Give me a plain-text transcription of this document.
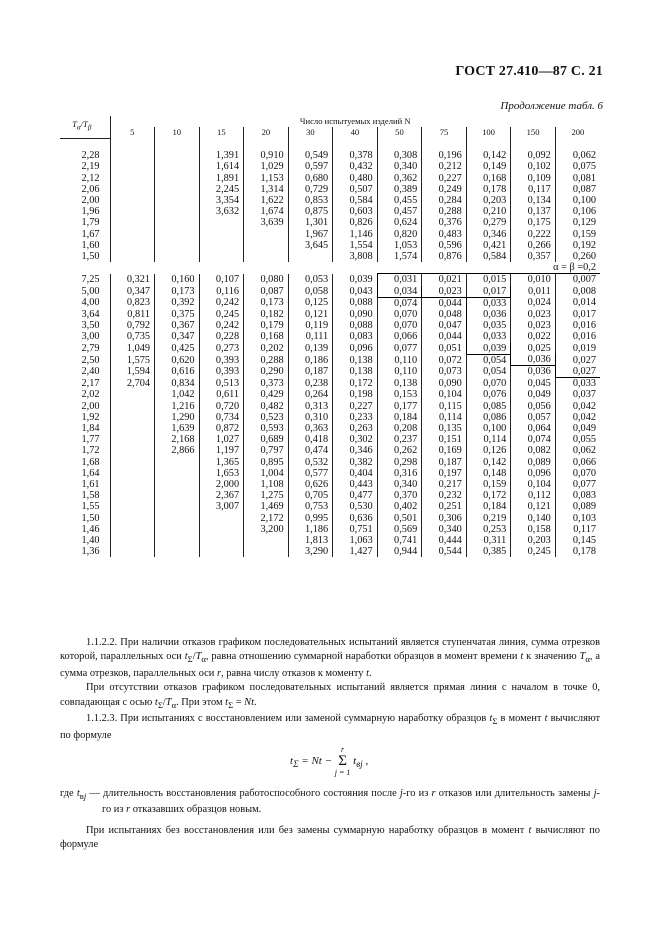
ГОСТ 27.410—87 С. 21
Продолжение табл. 6
$T_\alpha/T_\beta$	Число испытуемых изделий N										
	5	10	15	20	30	40	50	75	100	150	200

2,28			1,391	0,910	0,549	0,378	0,308	0,196	0,142	0,092	0,062
2,19			1,614	1,029	0,597	0,432	0,340	0,212	0,149	0,102	0,075
2,12			1,891	1,153	0,680	0,480	0,362	0,227	0,168	0,109	0,081
2,06			2,245	1,314	0,729	0,507	0,389	0,249	0,178	0,117	0,087
2,00			3,354	1,622	0,853	0,584	0,455	0,284	0,203	0,134	0,100
1,96			3,632	1,674	0,875	0,603	0,457	0,288	0,210	0,137	0,106
1,79				3,639	1,301	0,826	0,624	0,376	0,279	0,175	0,129
1,67					1,967	1,146	0,820	0,483	0,346	0,222	0,159
1,60					3,645	1,554	1,053	0,596	0,421	0,266	0,192
1,50						3,808	1,574	0,876	0,584	0,357	0,260
α = β =0,2											
7,25	0,321	0,160	0,107	0,080	0,053	0,039	0,031	0,021	0,015	0,010	0,007
5,00	0,347	0,173	0,116	0,087	0,058	0,043	0,034	0,023	0,017	0,011	0,008
4,00	0,823	0,392	0,242	0,173	0,125	0,088	0,074	0,044	0,033	0,024	0,014
3,64	0,811	0,375	0,245	0,182	0,121	0,090	0,070	0,048	0,036	0,023	0,017
3,50	0,792	0,367	0,242	0,179	0,119	0,088	0,070	0,047	0,035	0,023	0,016
3,00	0,735	0,347	0,228	0,168	0,111	0,083	0,066	0,044	0,033	0,022	0,016
2,79	1,049	0,425	0,273	0,202	0,139	0,096	0,077	0,051	0,039	0,025	0,019
2,50	1,575	0,620	0,393	0,288	0,186	0,138	0,110	0,072	0,054	0,036	0,027
2,40	1,594	0,616	0,393	0,290	0,187	0,138	0,110	0,073	0,054	0,036	0,027
2,17	2,704	0,834	0,513	0,373	0,238	0,172	0,138	0,090	0,070	0,045	0,033
2,02		1,042	0,611	0,429	0,264	0,198	0,153	0,104	0,076	0,049	0,037
2,00		1,216	0,720	0,482	0,313	0,227	0,177	0,115	0,085	0,056	0,042
1,92		1,290	0,734	0,523	0,310	0,233	0,184	0,114	0,086	0,057	0,042
1,84		1,639	0,872	0,593	0,363	0,263	0,208	0,135	0,100	0,064	0,049
1,77		2,168	1,027	0,689	0,418	0,302	0,237	0,151	0,114	0,074	0,055
1,72		2,866	1,197	0,797	0,474	0,346	0,262	0,169	0,126	0,082	0,062
1,68			1,365	0,895	0,532	0,382	0,298	0,187	0,142	0,089	0,066
1,64			1,653	1,004	0,577	0,404	0,316	0,197	0,148	0,096	0,070
1,61			2,000	1,108	0,626	0,443	0,340	0,217	0,159	0,104	0,077
1,58			2,367	1,275	0,705	0,477	0,370	0,232	0,172	0,112	0,083
1,55			3,007	1,469	0,753	0,530	0,402	0,251	0,184	0,121	0,089
1,50				2,172	0,995	0,636	0,501	0,306	0,219	0,140	0,103
1,46				3,200	1,186	0,751	0,569	0,340	0,253	0,158	0,117
1,40					1,813	1,063	0,741	0,444	0,311	0,203	0,145
1,36					3,290	1,427	0,944	0,544	0,385	0,245	0,178

1.1.2.2. При наличии отказов графиком последовательных испытаний является ступенчатая линия, сумма отрезков которой, параллельных оси $t_\Sigma/T_\alpha$, равна отношению суммарной наработки образцов в момент времени t к значению $T_\alpha$, а сумма отрезков, параллельных оси r, равна числу отказов к моменту t.

При отсутствии отказов графиком последовательных испытаний является прямая линия с началом в точке 0, совпадающая с осью $t_\Sigma/T_\alpha$. При этом $t_\Sigma = Nt$.

1.1.2.3. При испытаниях с восстановлением или заменой суммарную наработку образцов $t_\Sigma$ в момент t вычисляют по формуле

$t_\Sigma = Nt$ −
r
Σ
j = 1
$t_{вj}$ ,

где $t_{вj}$ — длительность восстановления работоспособного состояния после j-го из r отказов или длительность замены j-го из r отказавших образцов новым.

При испытаниях без восстановления или без замены суммарную наработку образцов в момент t вычисляют по формуле
